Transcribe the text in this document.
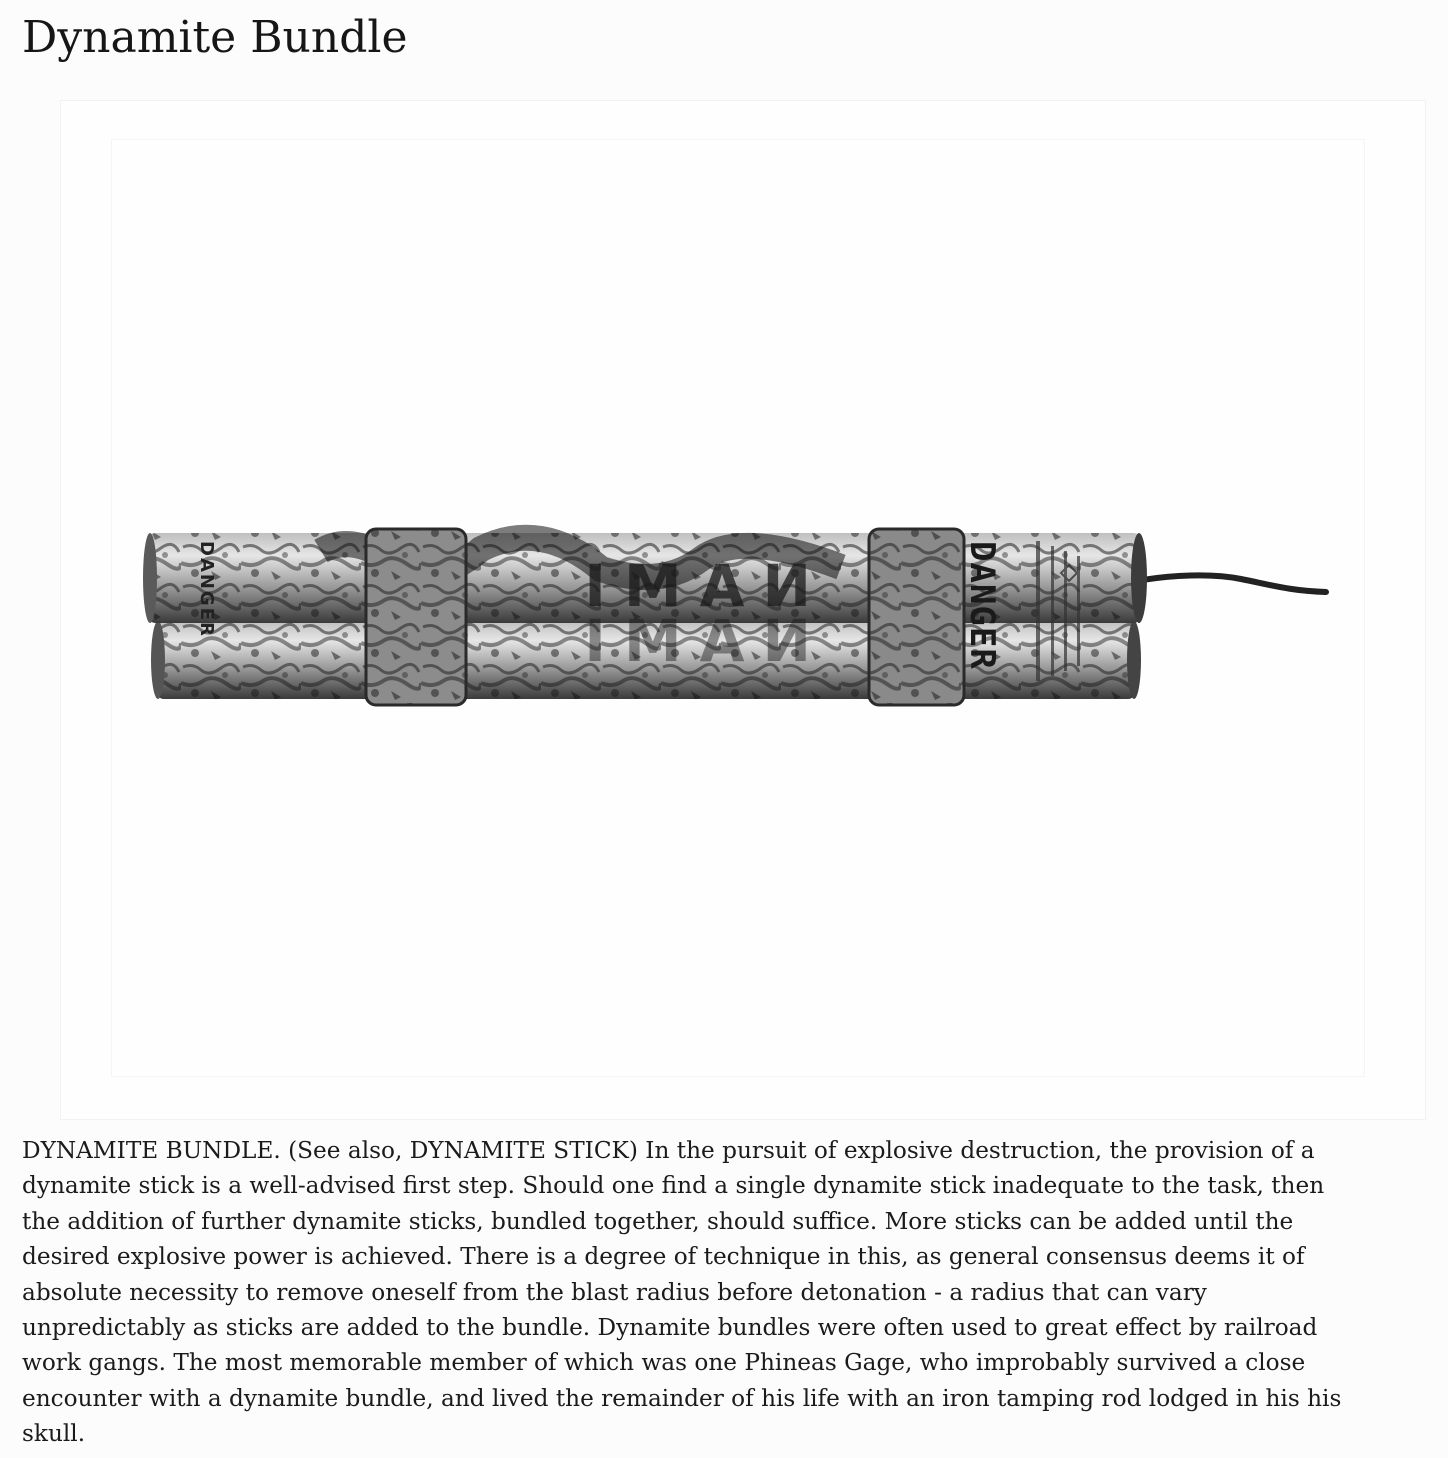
Dynamite Bundle
NAMI
NAMI
DANGER	DANGER

DYNAMITE BUNDLE. (See also, DYNAMITE STICK) In the pursuit of explosive destruction, the provision of a dynamite stick is a well-advised first step. Should one find a single dynamite stick inadequate to the task, then the addition of further dynamite sticks, bundled together, should suffice. More sticks can be added until the desired explosive power is achieved. There is a degree of technique in this, as general consensus deems it of absolute necessity to remove oneself from the blast radius before detonation - a radius that can vary unpredictably as sticks are added to the bundle. Dynamite bundles were often used to great effect by railroad work gangs. The most memorable member of which was one Phineas Gage, who improbably survived a close encounter with a dynamite bundle, and lived the remainder of his life with an iron tamping rod lodged in his his skull.
